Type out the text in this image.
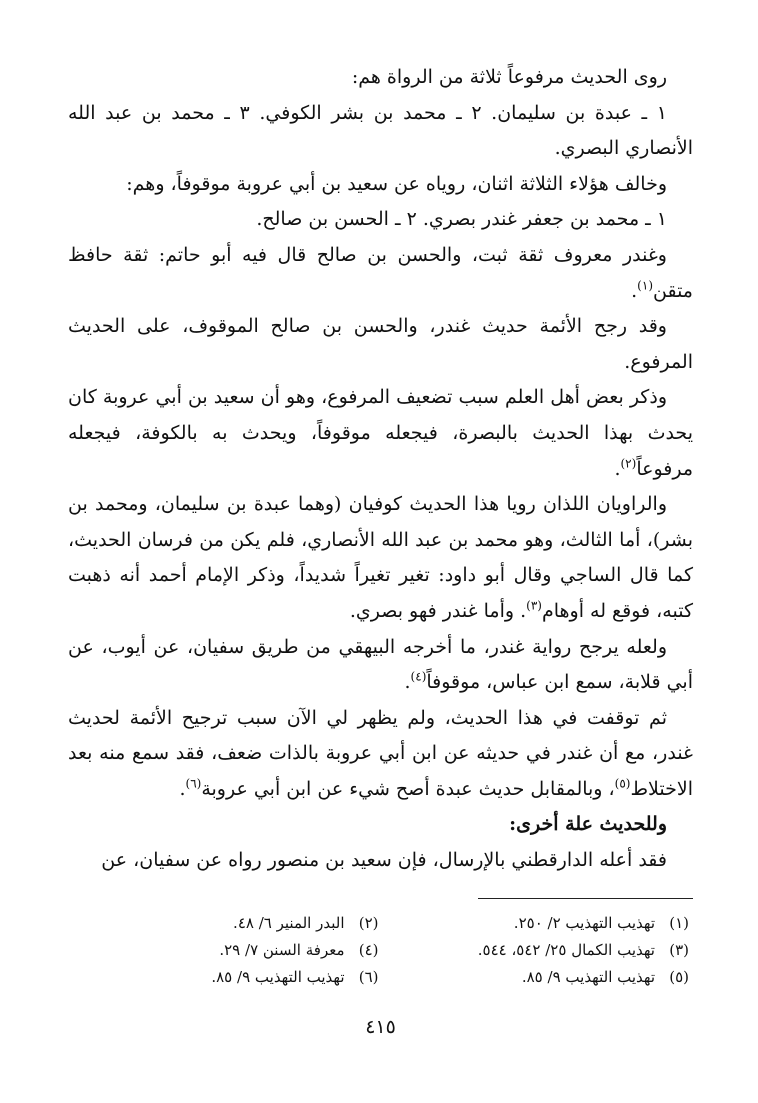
روى الحديث مرفوعاً ثلاثة من الرواة هم:

١ ـ عبدة بن سليمان. ٢ ـ محمد بن بشر الكوفي. ٣ ـ محمد بن عبد الله الأنصاري البصري.

وخالف هؤلاء الثلاثة اثنان، روياه عن سعيد بن أبي عروبة موقوفاً، وهم:

١ ـ محمد بن جعفر غندر بصري. ٢ ـ الحسن بن صالح.

وغندر معروف ثقة ثبت، والحسن بن صالح قال فيه أبو حاتم: ثقة حافظ متقن$^{(١)}$.

وقد رجح الأئمة حديث غندر، والحسن بن صالح الموقوف، على الحديث المرفوع.

وذكر بعض أهل العلم سبب تضعيف المرفوع، وهو أن سعيد بن أبي عروبة كان يحدث بهذا الحديث بالبصرة، فيجعله موقوفاً، ويحدث به بالكوفة، فيجعله مرفوعاً$^{(٢)}$.

والراويان اللذان رويا هذا الحديث كوفيان (وهما عبدة بن سليمان، ومحمد بن بشر)، أما الثالث، وهو محمد بن عبد الله الأنصاري، فلم يكن من فرسان الحديث، كما قال الساجي وقال أبو داود: تغير تغيراً شديداً، وذكر الإمام أحمد أنه ذهبت كتبه، فوقع له أوهام$^{(٣)}$. وأما غندر فهو بصري.

ولعله يرجح رواية غندر، ما أخرجه البيهقي من طريق سفيان، عن أيوب، عن أبي قلابة، سمع ابن عباس، موقوفاً$^{(٤)}$.

ثم توقفت في هذا الحديث، ولم يظهر لي الآن سبب ترجيح الأئمة لحديث غندر، مع أن غندر في حديثه عن ابن أبي عروبة بالذات ضعف، فقد سمع منه بعد الاختلاط$^{(٥)}$، وبالمقابل حديث عبدة أصح شيء عن ابن أبي عروبة$^{(٦)}$.

وللحديث علة أخرى:

فقد أعله الدارقطني بالإرسال، فإن سعيد بن منصور رواه عن سفيان، عن

(١)
تهذيب التهذيب ٢/ ٢٥٠.
(٢)
البدر المنير ٦/ ٤٨.
(٣)
تهذيب الكمال ٢٥/ ٥٤٢، ٥٤٤.
(٤)
معرفة السنن ٧/ ٢٩.
(٥)
تهذيب التهذيب ٩/ ٨٥.
(٦)
تهذيب التهذيب ٩/ ٨٥.
٤١٥
